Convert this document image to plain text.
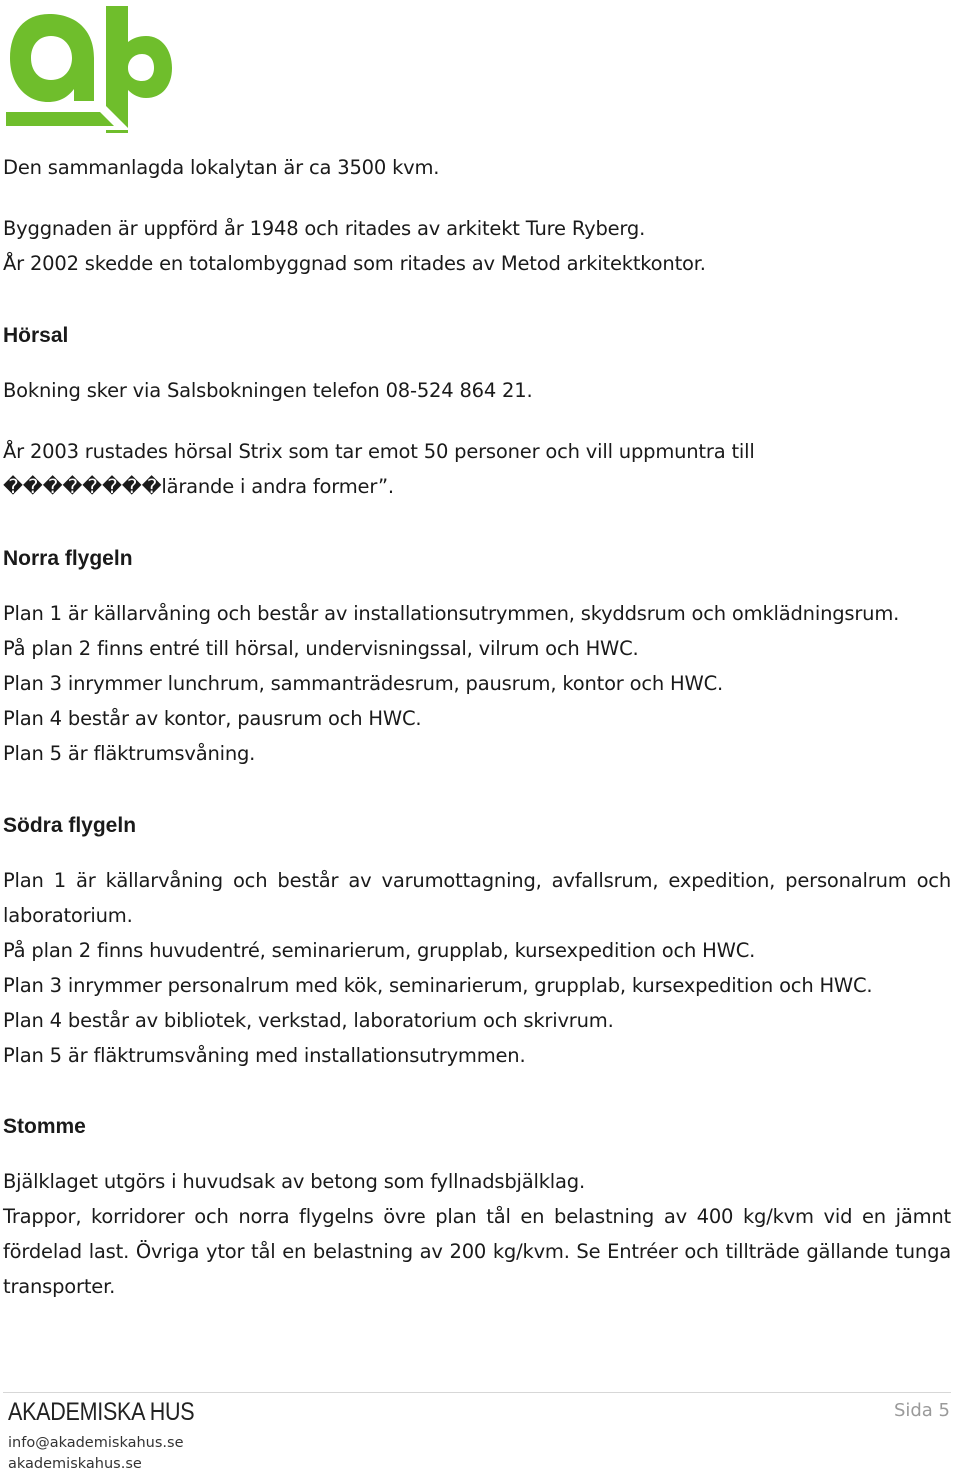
Den sammanlagda lokalytan är ca 3500 kvm.

Byggnaden är uppförd år 1948 och ritades av arkitekt Ture Ryberg.

År 2002 skedde en totalombyggnad som ritades av Metod arkitektkontor.

Hörsal

Bokning sker via Salsbokningen telefon 08-524 864 21.

År 2003 rustades hörsal Strix som tar emot 50 personer och vill uppmuntra till ��������lärande i andra former”.

Norra flygeln

Plan 1 är källarvåning och består av installationsutrymmen, skyddsrum och omklädningsrum.

På plan 2 finns entré till hörsal, undervisningssal, vilrum och HWC.

Plan 3 inrymmer lunchrum, sammanträdesrum, pausrum, kontor och HWC.

Plan 4 består av kontor, pausrum och HWC.

Plan 5 är fläktrumsvåning.

Södra flygeln

Plan 1 är källarvåning och består av varumottagning, avfallsrum, expedition, personalrum och laboratorium.

På plan 2 finns huvudentré, seminarierum, grupplab, kursexpedition och HWC.

Plan 3 inrymmer personalrum med kök, seminarierum, grupplab, kursexpedition och HWC.

Plan 4 består av bibliotek, verkstad, laboratorium och skrivrum.

Plan 5 är fläktrumsvåning med installationsutrymmen.

Stomme

Bjälklaget utgörs i huvudsak av betong som fyllnadsbjälklag.

Trappor, korridorer och norra flygelns övre plan tål en belastning av 400 kg/kvm vid en jämnt fördelad last. Övriga ytor tål en belastning av 200 kg/kvm. Se Entréer och tillträde gällande tunga transporter.

AKADEMISKA HUS
info@akademiskahus.se
akademiskahus.se
Sida 5
